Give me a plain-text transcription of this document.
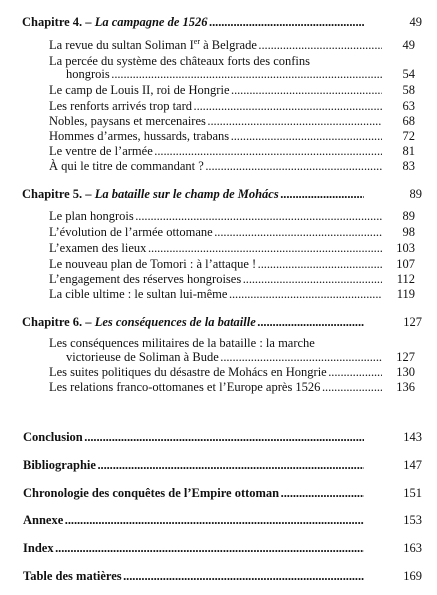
Chapitre 4. – La campagne de 1526 . . .	49
La revue du sultan Soliman Ier à Belgrade . . .	49
La percée du système des châteaux forts des confins
hongrois . . .	54
Le camp de Louis II, roi de Hongrie . . .	58
Les renforts arrivés trop tard . . .	63
Nobles, paysans et mercenaires . . .	68
Hommes d’armes, hussards, trabans . . .	72
Le ventre de l’armée . . .	81
À qui le titre de commandant ? . . .	83
Chapitre 5. – La bataille sur le champ de Mohács . . .	89
Le plan hongrois . . .	89
L’évolution de l’armée ottomane . . .	98
L’examen des lieux . . .	103
Le nouveau plan de Tomori : à l’attaque ! . . .	107
L’engagement des réserves hongroises . . .	112
La cible ultime : le sultan lui-même . . .	119
Chapitre 6. – Les conséquences de la bataille . . .	127
Les conséquences militaires de la bataille : la marche
victorieuse de Soliman à Bude . . .	127
Les suites politiques du désastre de Mohács en Hongrie . . .	130
Les relations franco-ottomanes et l’Europe après 1526 . . .	136
Conclusion . . .	143
Bibliographie . . .	147
Chronologie des conquêtes de l’Empire ottoman . . .	151
Annexe . . .	153
Index . . .	163
Table des matières . . .	169
